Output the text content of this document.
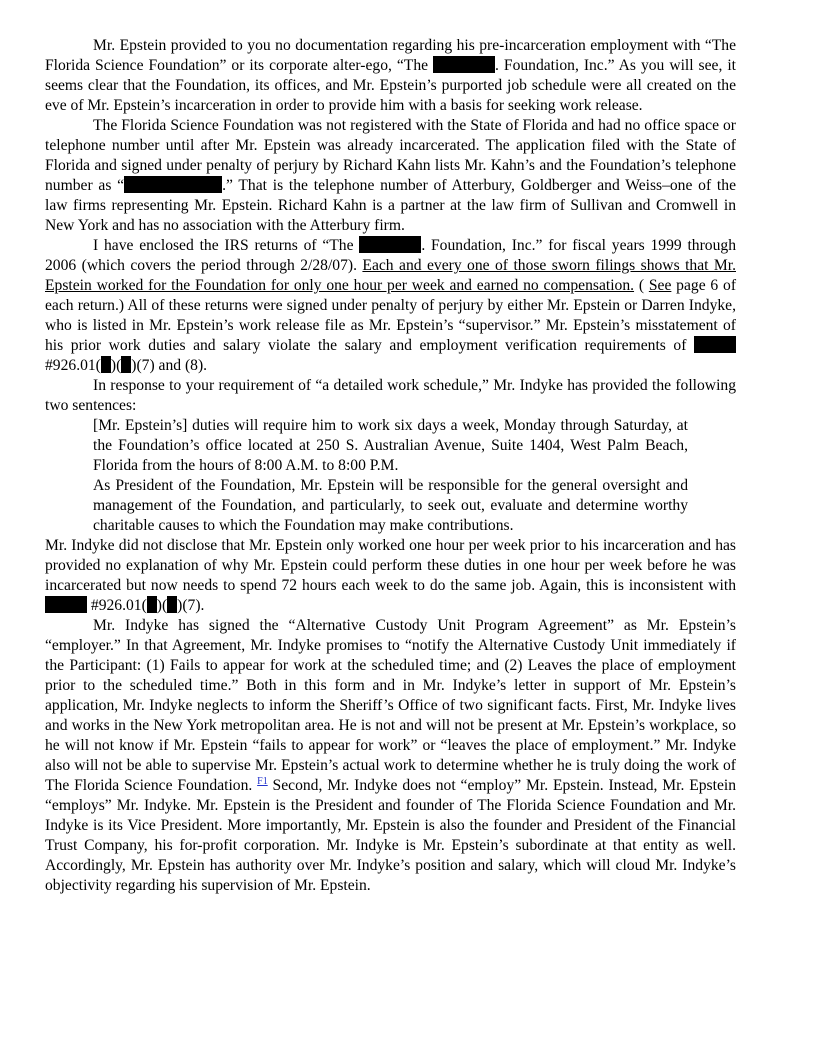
Mr. Epstein provided to you no documentation regarding his pre-incarceration employment with “The Florida Science Foundation” or its corporate alter-ego, “The	. Foundation, Inc.” As you will see, it seems clear that the Foundation, its offices, and Mr. Epstein’s purported job schedule were all created on the eve of Mr. Epstein’s incarceration in order to provide him with a basis for seeking work release.

The Florida Science Foundation was not registered with the State of Florida and had no office space or telephone number until after Mr. Epstein was already incarcerated. The application filed with the State of Florida and signed under penalty of perjury by Richard Kahn lists Mr. Kahn’s and the Foundation’s telephone number as “	.” That is the telephone number of Atterbury, Goldberger and Weiss–one of the law firms representing Mr. Epstein. Richard Kahn is a partner at the law firm of Sullivan and Cromwell in New York and has no association with the Atterbury firm.

I have enclosed the IRS returns of “The	. Foundation, Inc.” for fiscal years 1999 through 2006 (which covers the period through 2/28/07). Each and every one of those sworn filings shows that Mr. Epstein worked for the Foundation for only one hour per week and earned no compensation. ( See page 6 of each return.) All of these returns were signed under penalty of perjury by either Mr. Epstein or Darren Indyke, who is listed in Mr. Epstein’s work release file as Mr. Epstein’s “supervisor.” Mr. Epstein’s misstatement of his prior work duties and salary violate the salary and employment verification requirements of  #926.01( )( )(7) and (8).

In response to your requirement of “a detailed work schedule,” Mr. Indyke has provided the following two sentences:

[Mr. Epstein’s] duties will require him to work six days a week, Monday through Saturday, at the Foundation’s office located at 250 S. Australian Avenue, Suite 1404, West Palm Beach, Florida from the hours of 8:00 A.M. to 8:00 P.M.

As President of the Foundation, Mr. Epstein will be responsible for the general oversight and management of the Foundation, and particularly, to seek out, evaluate and determine worthy charitable causes to which the Foundation may make contributions.

Mr. Indyke did not disclose that Mr. Epstein only worked one hour per week prior to his incarceration and has provided no explanation of why Mr. Epstein could perform these duties in one hour per week before he was incarcerated but now needs to spend 72 hours each week to do the same job. Again, this is inconsistent with  #926.01( )( )(7).

Mr. Indyke has signed the “Alternative Custody Unit Program Agreement” as Mr. Epstein’s “employer.” In that Agreement, Mr. Indyke promises to “notify the Alternative Custody Unit immediately if the Participant: (1) Fails to appear for work at the scheduled time; and (2) Leaves the place of employment prior to the scheduled time.” Both in this form and in Mr. Indyke’s letter in support of Mr. Epstein’s application, Mr. Indyke neglects to inform the Sheriff’s Office of two significant facts. First, Mr. Indyke lives and works in the New York metropolitan area. He is not and will not be present at Mr. Epstein’s workplace, so he will not know if Mr. Epstein “fails to appear for work” or “leaves the place of employment.” Mr. Indyke also will not be able to supervise Mr. Epstein’s actual work to determine whether he is truly doing the work of The Florida Science Foundation. $^{F1}$ Second, Mr. Indyke does not “employ” Mr. Epstein. Instead, Mr. Epstein “employs” Mr. Indyke. Mr. Epstein is the President and founder of The Florida Science Foundation and Mr. Indyke is its Vice President. More importantly, Mr. Epstein is also the founder and President of the Financial Trust Company, his for-profit corporation. Mr. Indyke is Mr. Epstein’s subordinate at that entity as well. Accordingly, Mr. Epstein has authority over Mr. Indyke’s position and salary, which will cloud Mr. Indyke’s objectivity regarding his supervision of Mr. Epstein.
